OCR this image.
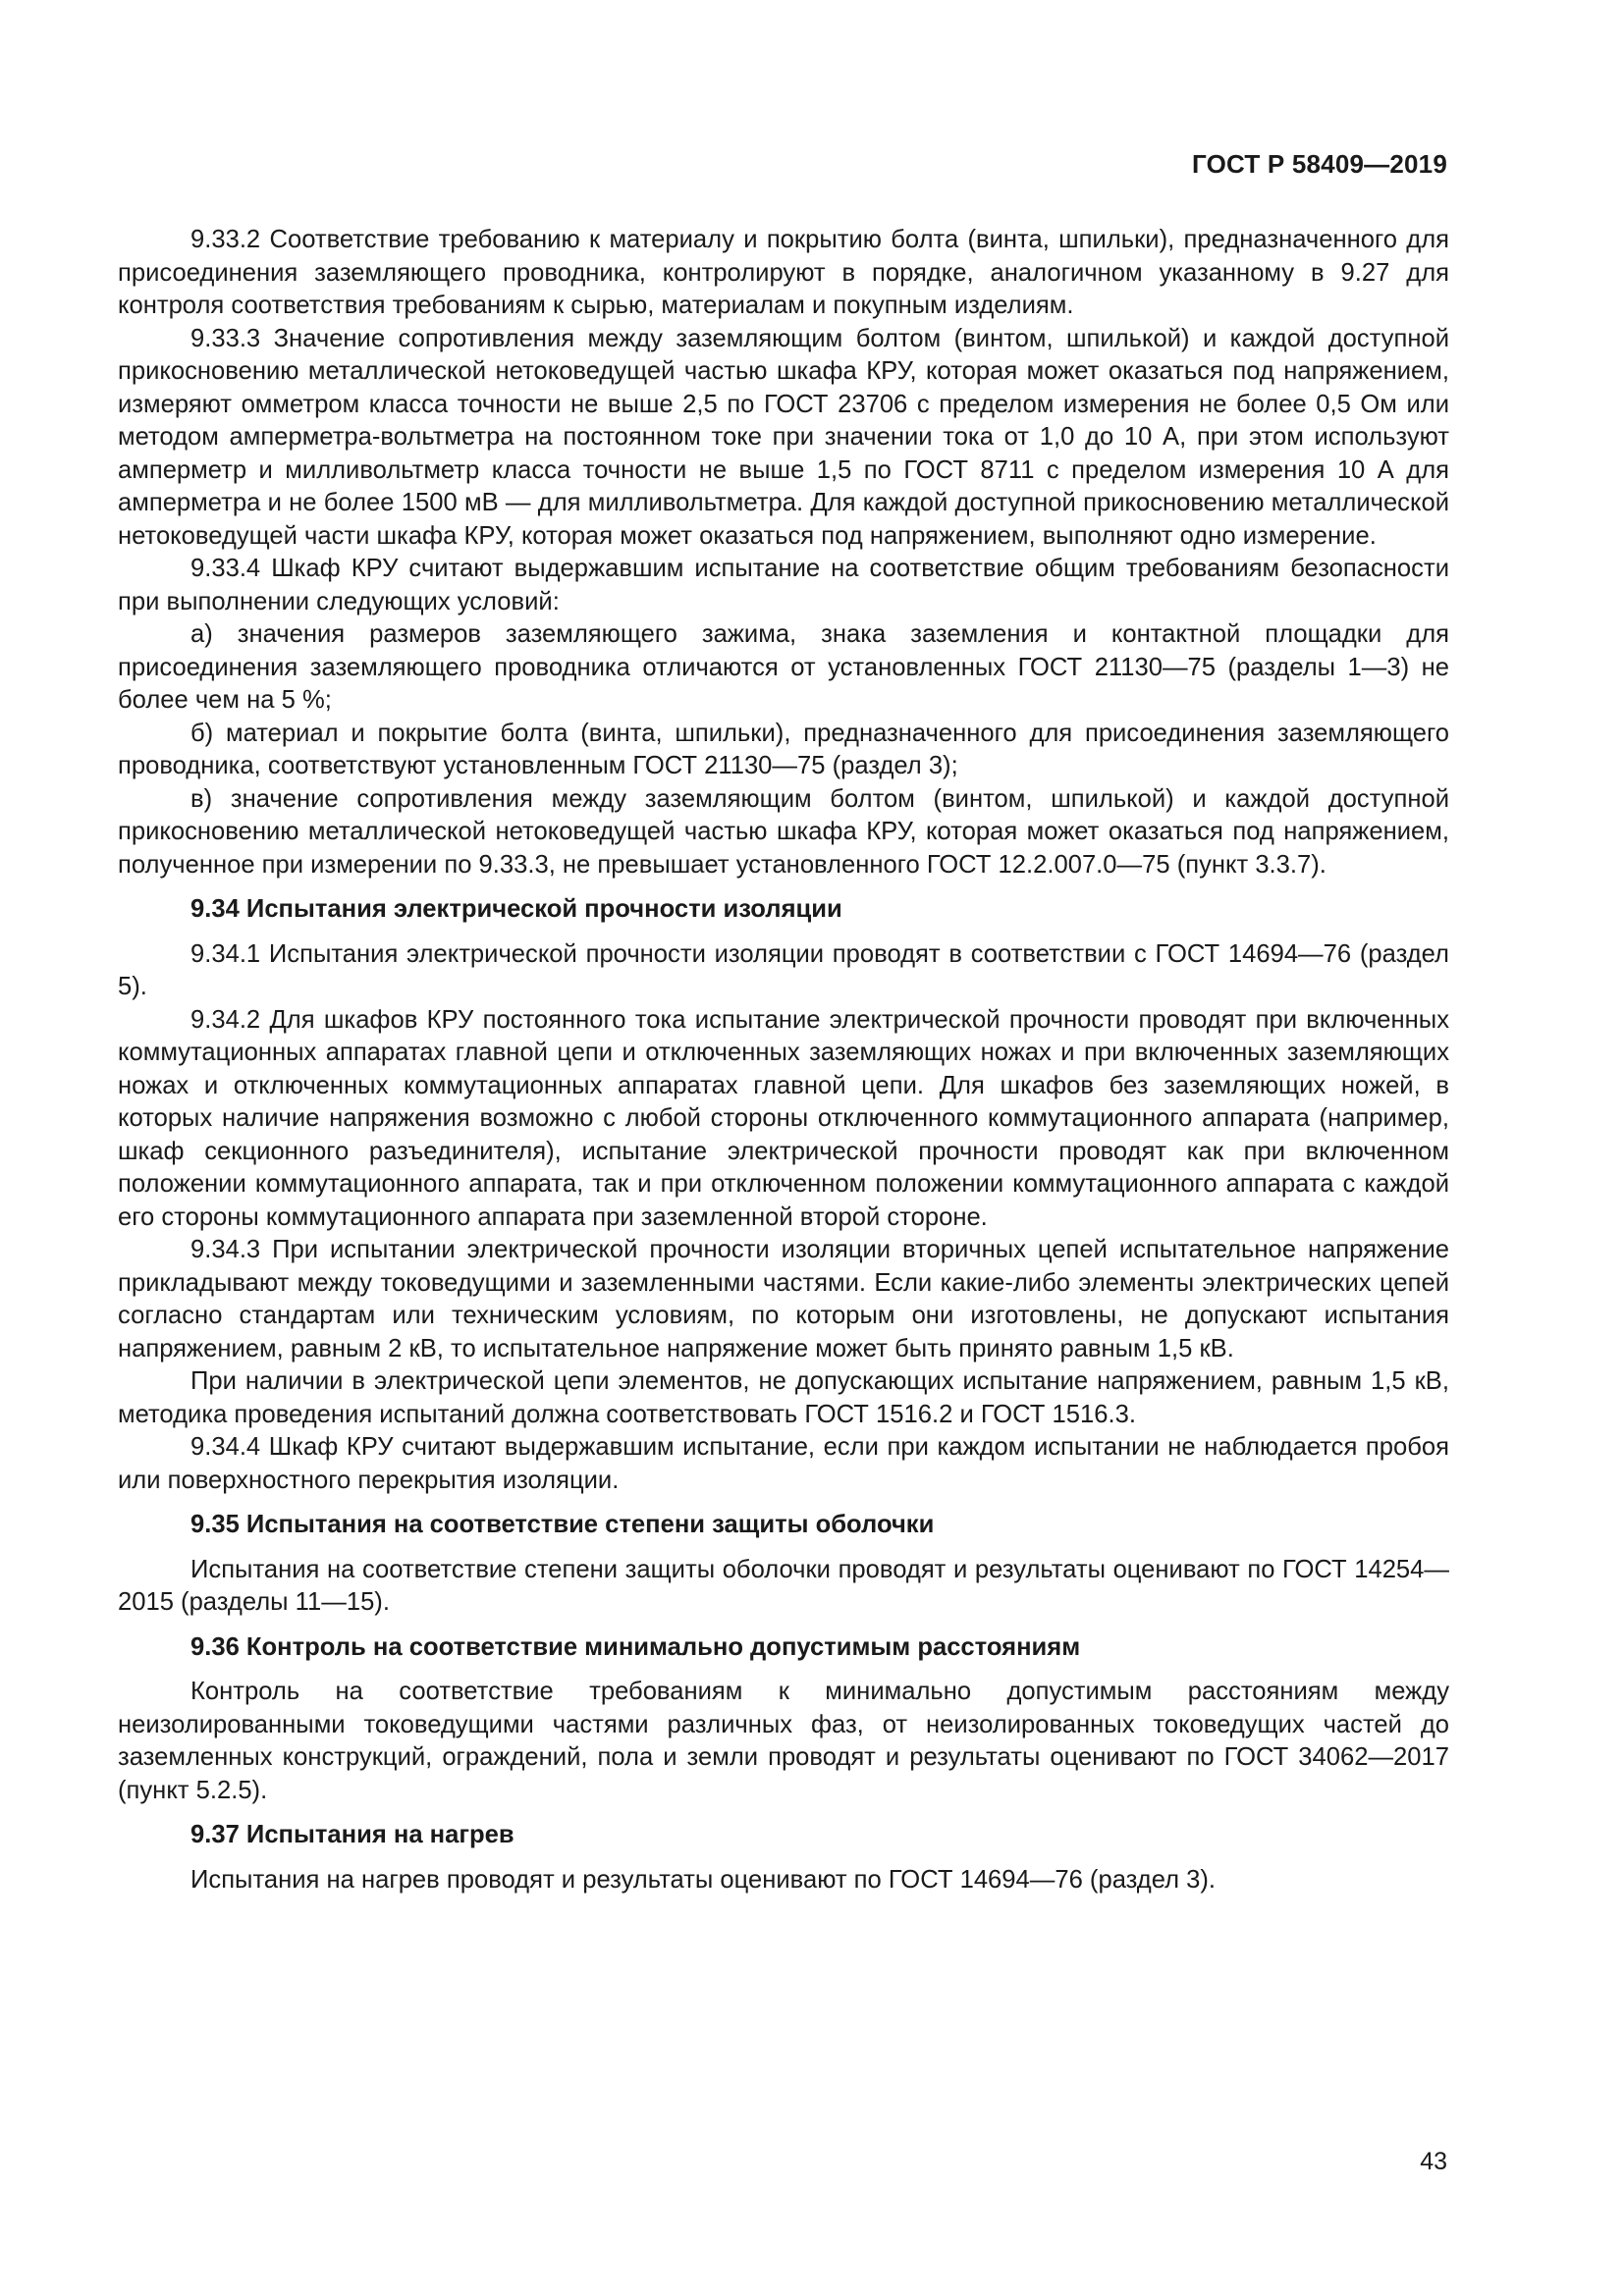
ГОСТ Р 58409—2019

9.33.2 Соответствие требованию к материалу и покрытию болта (винта, шпильки), предназначенного для присоединения заземляющего проводника, контролируют в порядке, аналогичном указанному в 9.27 для контроля соответствия требованиям к сырью, материалам и покупным изделиям.

9.33.3 Значение сопротивления между заземляющим болтом (винтом, шпилькой) и каждой доступной прикосновению металлической нетоковедущей частью шкафа КРУ, которая может оказаться под напряжением, измеряют омметром класса точности не выше 2,5 по ГОСТ 23706 с пределом измерения не более 0,5 Ом или методом амперметра-вольтметра на постоянном токе при значении тока от 1,0 до 10 А, при этом используют амперметр и милливольтметр класса точности не выше 1,5 по ГОСТ 8711 с пределом измерения 10 А для амперметра и не более 1500 мВ — для милливольтметра. Для каждой доступной прикосновению металлической нетоковедущей части шкафа КРУ, которая может оказаться под напряжением, выполняют одно измерение.

9.33.4 Шкаф КРУ считают выдержавшим испытание на соответствие общим требованиям безопасности при выполнении следующих условий:

а) значения размеров заземляющего зажима, знака заземления и контактной площадки для присоединения заземляющего проводника отличаются от установленных ГОСТ 21130—75 (разделы 1—3) не более чем на 5 %;

б) материал и покрытие болта (винта, шпильки), предназначенного для присоединения заземляющего проводника, соответствуют установленным ГОСТ 21130—75 (раздел 3);

в) значение сопротивления между заземляющим болтом (винтом, шпилькой) и каждой доступной прикосновению металлической нетоковедущей частью шкафа КРУ, которая может оказаться под напряжением, полученное при измерении по 9.33.3, не превышает установленного ГОСТ 12.2.007.0—75 (пункт 3.3.7).

9.34 Испытания электрической прочности изоляции

9.34.1 Испытания электрической прочности изоляции проводят в соответствии с ГОСТ 14694—76 (раздел 5).

9.34.2 Для шкафов КРУ постоянного тока испытание электрической прочности проводят при включенных коммутационных аппаратах главной цепи и отключенных заземляющих ножах и при включенных заземляющих ножах и отключенных коммутационных аппаратах главной цепи. Для шкафов без заземляющих ножей, в которых наличие напряжения возможно с любой стороны отключенного коммутационного аппарата (например, шкаф секционного разъединителя), испытание электрической прочности проводят как при включенном положении коммутационного аппарата, так и при отключенном положении коммутационного аппарата с каждой его стороны коммутационного аппарата при заземленной второй стороне.

9.34.3 При испытании электрической прочности изоляции вторичных цепей испытательное напряжение прикладывают между токоведущими и заземленными частями. Если какие-либо элементы электрических цепей согласно стандартам или техническим условиям, по которым они изготовлены, не допускают испытания напряжением, равным 2 кВ, то испытательное напряжение может быть принято равным 1,5 кВ.

При наличии в электрической цепи элементов, не допускающих испытание напряжением, равным 1,5 кВ, методика проведения испытаний должна соответствовать ГОСТ 1516.2 и ГОСТ 1516.3.

9.34.4 Шкаф КРУ считают выдержавшим испытание, если при каждом испытании не наблюдается пробоя или поверхностного перекрытия изоляции.

9.35 Испытания на соответствие степени защиты оболочки

Испытания на соответствие степени защиты оболочки проводят и результаты оценивают по ГОСТ 14254—2015 (разделы 11—15).

9.36 Контроль на соответствие минимально допустимым расстояниям

Контроль на соответствие требованиям к минимально допустимым расстояниям между неизолированными токоведущими частями различных фаз, от неизолированных токоведущих частей до заземленных конструкций, ограждений, пола и земли проводят и результаты оценивают по ГОСТ 34062—2017 (пункт 5.2.5).

9.37 Испытания на нагрев

Испытания на нагрев проводят и результаты оценивают по ГОСТ 14694—76 (раздел 3).

43
